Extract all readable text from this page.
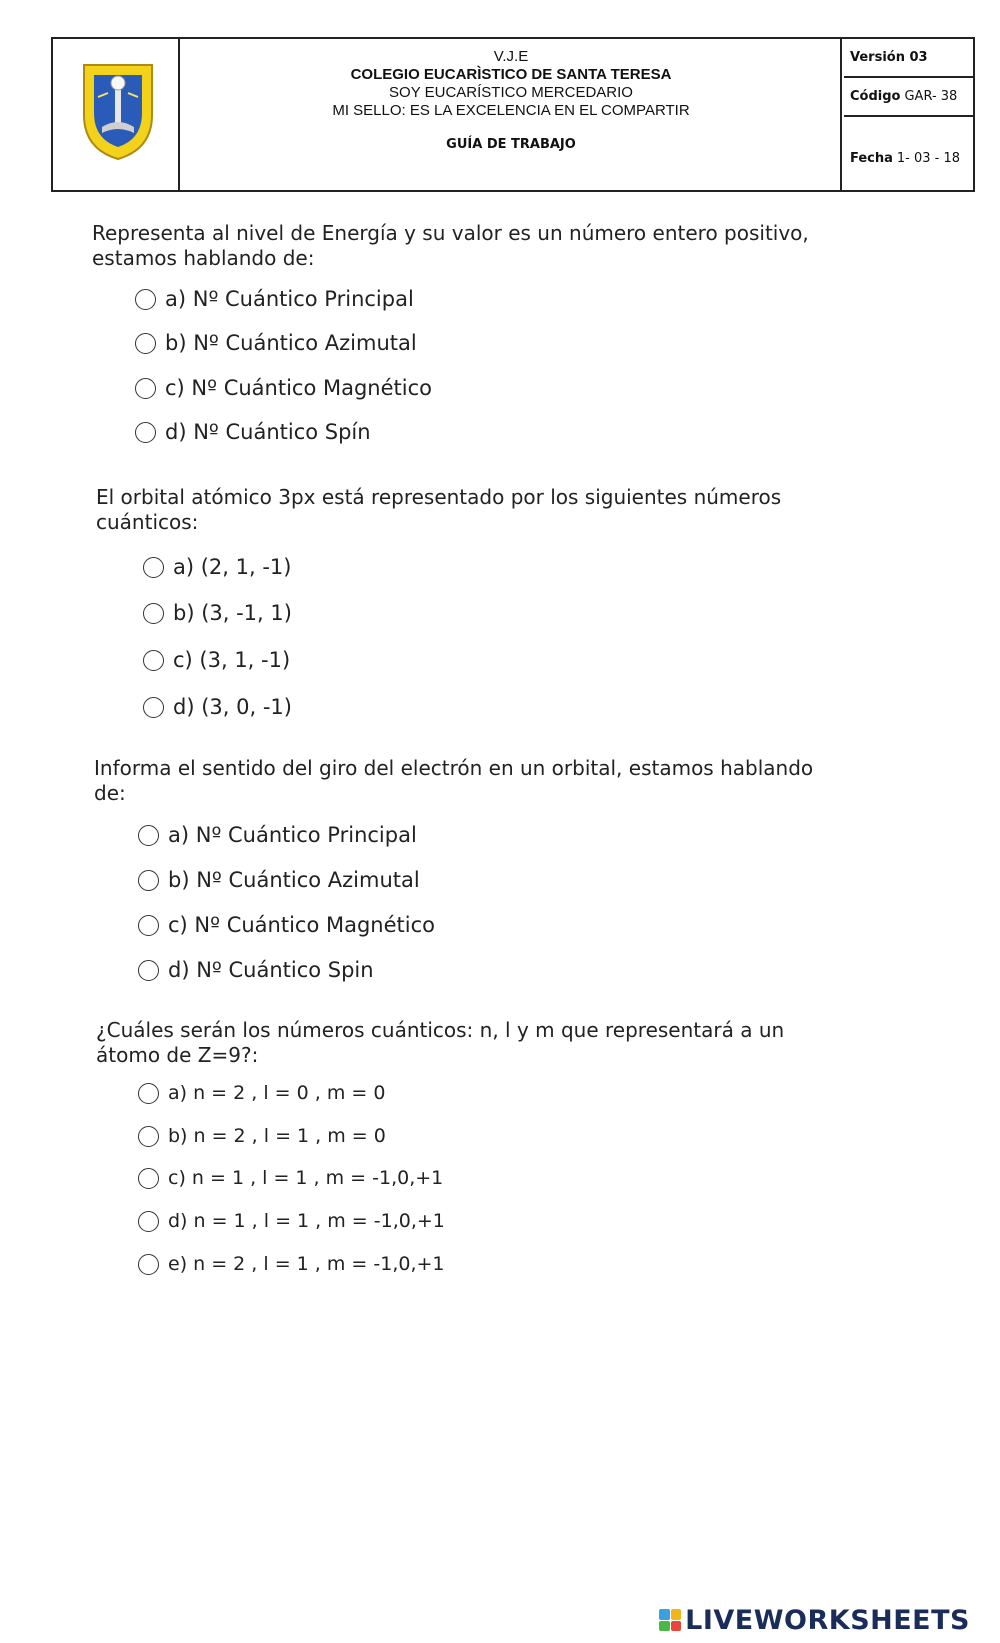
V.J.E
COLEGIO EUCARÌSTICO DE SANTA TERESA
SOY EUCARÍSTICO MERCEDARIO
MI SELLO: ES LA EXCELENCIA EN EL COMPARTIR
GUÍA DE TRABAJO
Versión 03
Código GAR- 38
Fecha 1- 03 - 18
Representa al nivel de Energía y su valor es un número entero positivo, estamos hablando de:
a) Nº Cuántico Principal
b) Nº Cuántico Azimutal
c) Nº Cuántico Magnético
d) Nº Cuántico Spín
El orbital atómico 3px está representado por los siguientes números cuánticos:
a) (2, 1, -1)
b) (3, -1, 1)
c) (3, 1, -1)
d) (3, 0, -1)
Informa el sentido del giro del electrón en un orbital, estamos hablando de:
a) Nº Cuántico Principal
b) Nº Cuántico Azimutal
c) Nº Cuántico Magnético
d) Nº Cuántico Spin
¿Cuáles serán los números cuánticos: n, l y m que representará a un átomo de Z=9?:
a) n = 2 , l = 0 , m = 0
b) n = 2 , l = 1 , m = 0
c) n = 1 , l = 1 , m = -1,0,+1
d) n = 1 , l = 1 , m = -1,0,+1
e) n = 2 , l = 1 , m = -1,0,+1
LIVEWORKSHEETS
